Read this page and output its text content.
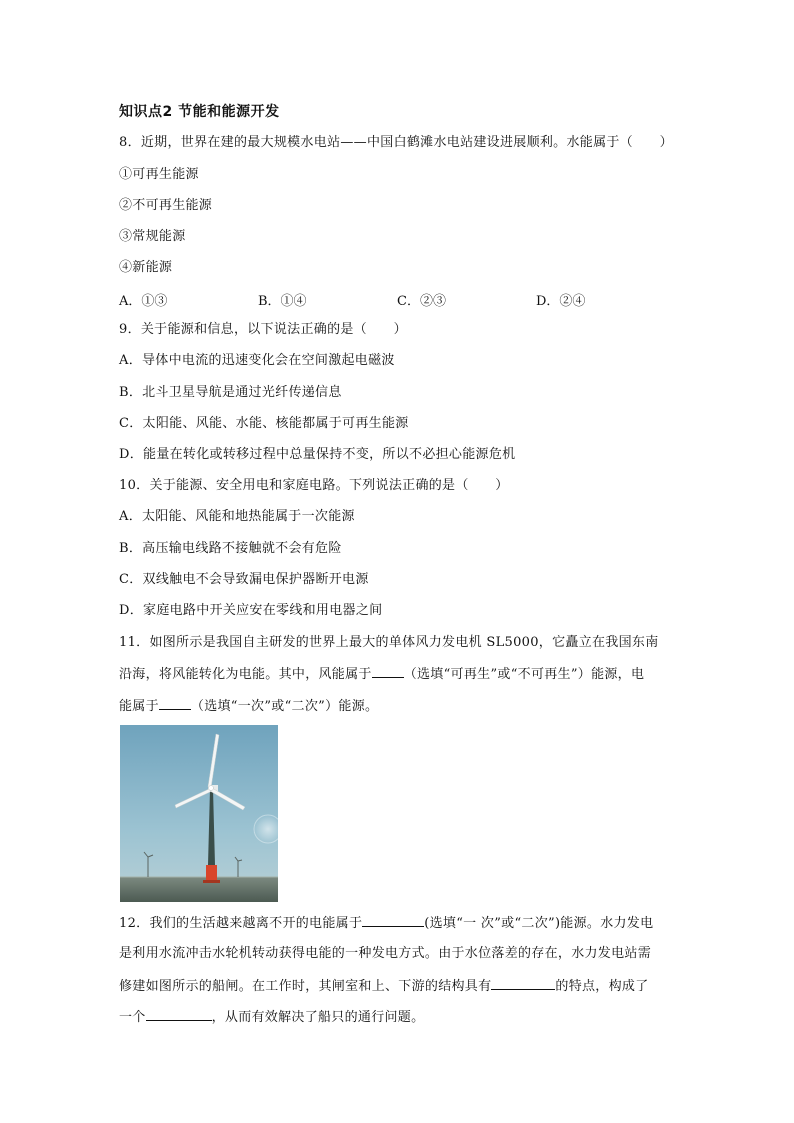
知识点2 节能和能源开发
8．近期，世界在建的最大规模水电站——中国白鹤滩水电站建设进展顺利。水能属于（　　）
①可再生能源
②不可再生能源
③常规能源
④新能源
A．①③	B．①④	C．②③	D．②④
9．关于能源和信息，以下说法正确的是（　　）
A．导体中电流的迅速变化会在空间激起电磁波
B．北斗卫星导航是通过光纤传递信息
C．太阳能、风能、水能、核能都属于可再生能源
D．能量在转化或转移过程中总量保持不变，所以不必担心能源危机
10．关于能源、安全用电和家庭电路。下列说法正确的是（　　）
A．太阳能、风能和地热能属于一次能源
B．高压输电线路不接触就不会有危险
C．双线触电不会导致漏电保护器断开电源
D．家庭电路中开关应安在零线和用电器之间
11．如图所示是我国自主研发的世界上最大的单体风力发电机 SL5000，它矗立在我国东南
沿海，将风能转化为电能。其中，风能属于 （选填“可再生”或“不可再生”）能源，电
能属于 （选填“一次”或“二次”）能源。
12．我们的生活越来越离不开的电能属于	(选填“一 次”或“二次”)能源。水力发电
是利用水流冲击水轮机转动获得电能的一种发电方式。由于水位落差的存在，水力发电站需
修建如图所示的船闸。在工作时，其闸室和上、下游的结构具有	的特点，构成了
一个	，从而有效解决了船只的通行问题。
